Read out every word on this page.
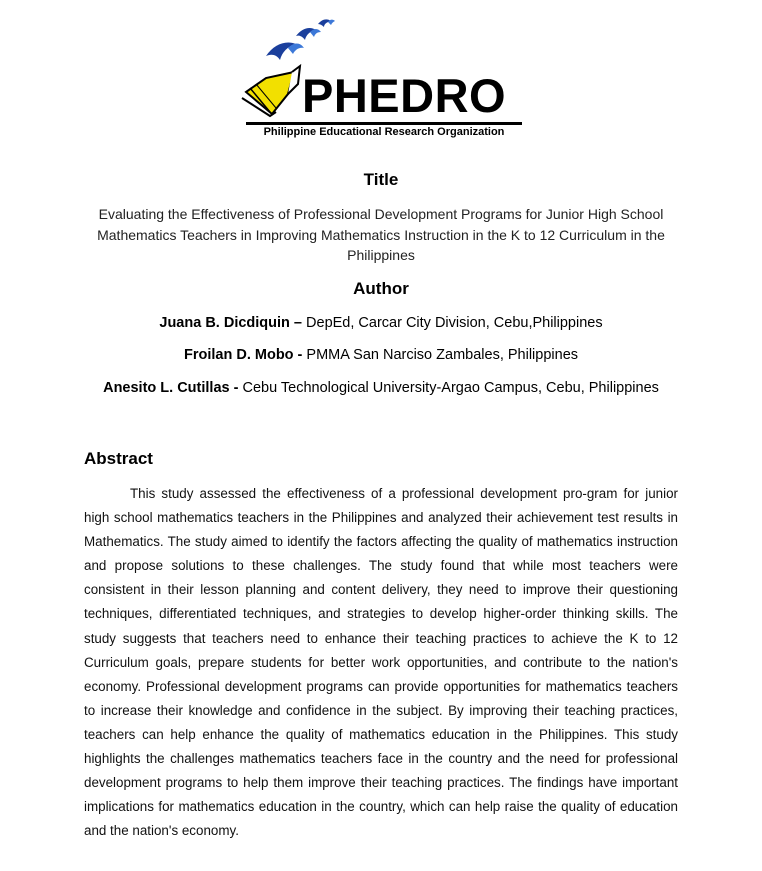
PHEDRO
Philippine Educational Research Organization
Title
Evaluating the Effectiveness of Professional Development Programs for Junior High School Mathematics Teachers in Improving Mathematics Instruction in the K to 12 Curriculum in the Philippines
Author
Juana B. Dicdiquin – DepEd, Carcar City Division, Cebu,Philippines
Froilan D. Mobo - PMMA San Narciso Zambales, Philippines
Anesito L. Cutillas - Cebu Technological University-Argao Campus, Cebu, Philippines
Abstract
This study assessed the effectiveness of a professional development pro-gram for junior high school mathematics teachers in the Philippines and analyzed their achievement test results in Mathematics. The study aimed to identify the factors affecting the quality of mathematics instruction and propose solutions to these challenges. The study found that while most teachers were consistent in their lesson planning and content delivery, they need to improve their questioning techniques, differentiated techniques, and strategies to develop higher-order thinking skills. The study suggests that teachers need to enhance their teaching practices to achieve the K to 12 Curriculum goals, prepare students for better work opportunities, and contribute to the nation's economy. Professional development programs can provide opportunities for mathematics teachers to increase their knowledge and confidence in the subject. By improving their teaching practices, teachers can help enhance the quality of mathematics education in the Philippines. This study highlights the challenges mathematics teachers face in the country and the need for professional development programs to help them improve their teaching practices. The findings have important implications for mathematics education in the country, which can help raise the quality of education and the nation's economy.
